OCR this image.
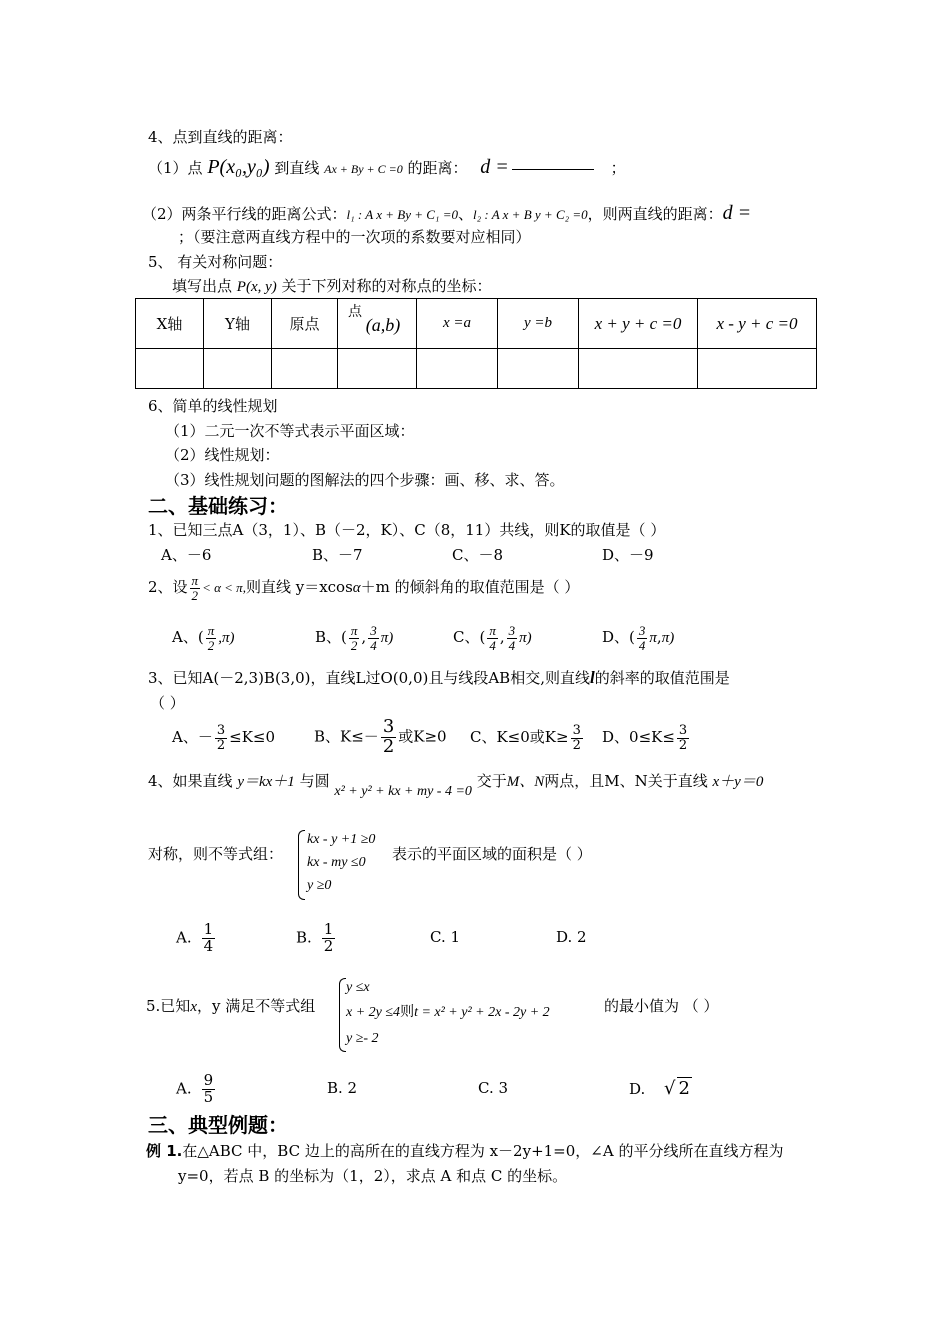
4、点到直线的距离：
（1）点 P(x₀,y₀) 到直线 Ax + By + C =0 的距离： d =	；
（2）两条平行线的距离公式：l₁ : A x + By + C₁ =0、l₂ : A x + B y + C₂ =0，则两直线的距离：d =
；（要注意两直线方程中的一次项的系数要对应相同）
5、 有关对称问题：
填写出点 P(x, y) 关于下列对称的对称点的坐标：
X轴	Y轴	原点	点
(a,b)	x =a	y =b	x + y + c =0	x - y + c =0

6、简单的线性规划
（1）二元一次不等式表示平面区域：
（2）线性规划：
（3）线性规划问题的图解法的四个步骤：画、移、求、答。
二、基础练习：
1、已知三点A（3，1）、B（－2，K）、C（8，11）共线，则K的取值是（ ）
A、－6	B、－7	C、－8	D、－9
2、设 $\frac{\pi}{2} < \alpha < \pi$,则直线 y＝xcosα＋m 的倾斜角的取值范围是（ ）
A、( $\frac{\pi}{2} ,\pi$)	B、( $\frac{\pi}{2}$ , $\frac{3}{4} \pi$)	C、( $\frac{\pi}{4}$ , $\frac{3}{4} \pi$)	D、( $\frac{3}{4} \pi,\pi$)
3、已知A(－2,3)B(3,0)，直线L过O(0,0)且与线段AB相交,则直线l的斜率的取值范围是
（ ）
A、－ $\frac{3}{2} \le K\le 0$	B、$K\le- \frac{3}{2}$ 或K≥0 C、K≤0或$K\ge \frac{3}{2}$ D、$0\le K\le \frac{3}{2}$
4、如果直线 y＝kx＋1 与圆 x² + y² + kx + my - 4 =0 交于M、N两点，且M、N关于直线 x＋y＝0
对称，则不等式组：
kx - y +1 ≥0
kx - my ≤0
y ≥0
表示的平面区域的面积是（ ）
A. $\frac{1}{4}$	B. $\frac{1}{2}$	C. 1	D. 2
5.已知x，y 满足不等式组
y ≤x
x + 2y ≤4则t = x² + y² + 2x - 2y + 2
y ≥- 2
的最小值为 （ ）
A. $\frac{9}{5}$	B. 2	C. 3	D. √ 2
三、典型例题：
例 1.在△ABC 中，BC 边上的高所在的直线方程为 x－2y+1=0，∠A 的平分线所在直线方程为
y=0，若点 B 的坐标为（1，2），求点 A 和点 C 的坐标。
